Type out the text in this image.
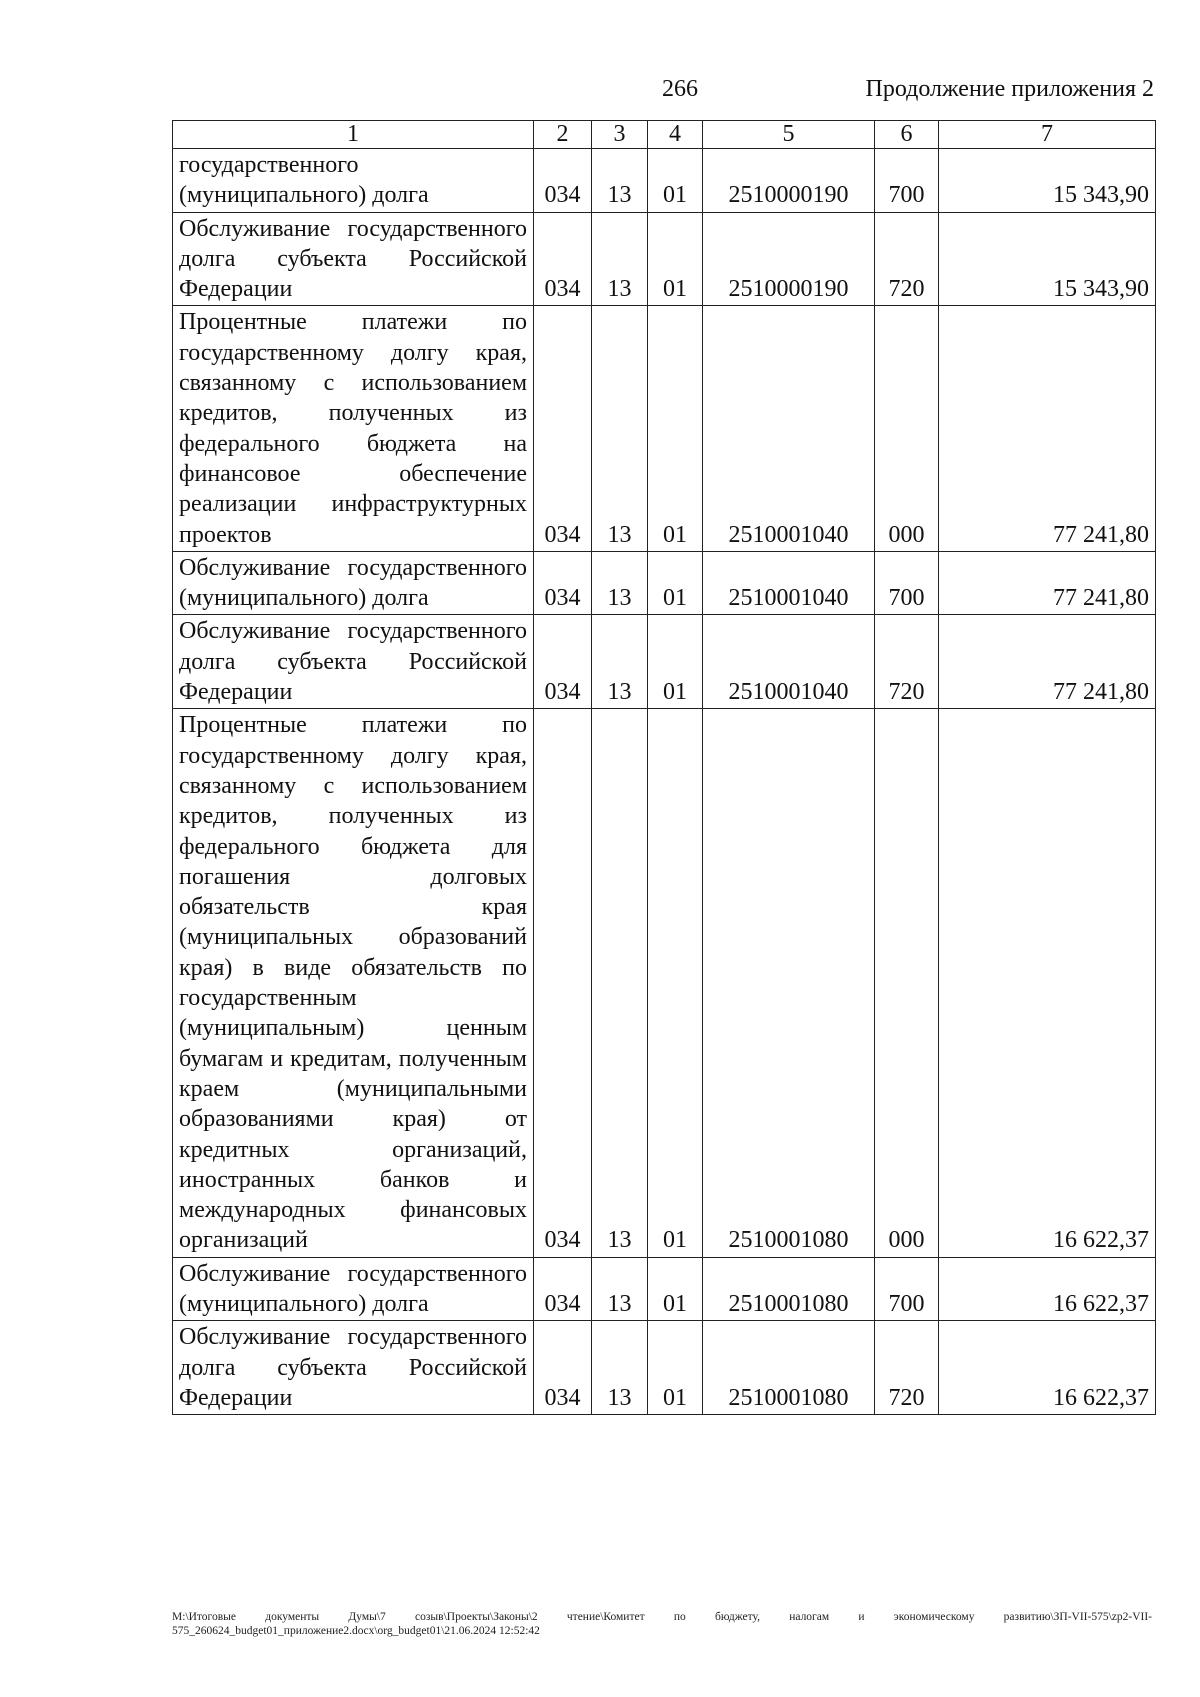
266	Продолжение приложения 2
1	2	3	4	5	6	7
государственного (муниципального) долга	034	13	01	2510000190	700	15 343,90
Обслуживание государственного долга субъекта Российской Федерации	034	13	01	2510000190	720	15 343,90
Процентные платежи по государственному долгу края, связанному с использованием кредитов, полученных из федерального бюджета на финансовое обеспечение реализации инфраструктурных проектов	034	13	01	2510001040	000	77 241,80
Обслуживание государственного (муниципального) долга	034	13	01	2510001040	700	77 241,80
Обслуживание государственного долга субъекта Российской Федерации	034	13	01	2510001040	720	77 241,80
Процентные платежи по государственному долгу края, связанному с использованием кредитов, полученных из федерального бюджета для погашения долговых обязательств края (муниципальных образований края) в виде обязательств по государственным (муниципальным) ценным бумагам и кредитам, полученным краем (муниципальными образованиями края) от кредитных организаций, иностранных банков и международных финансовых организаций	034	13	01	2510001080	000	16 622,37
Обслуживание государственного (муниципального) долга	034	13	01	2510001080	700	16 622,37
Обслуживание государственного долга субъекта Российской Федерации	034	13	01	2510001080	720	16 622,37
M:\Итоговые документы Думы\7 созыв\Проекты\Законы\2 чтение\Комитет по бюджету, налогам и экономическому развитию\ЗП-VII-575\zp2-VII-575_260624_budget01_приложение2.docx\org_budget01\21.06.2024 12:52:42
